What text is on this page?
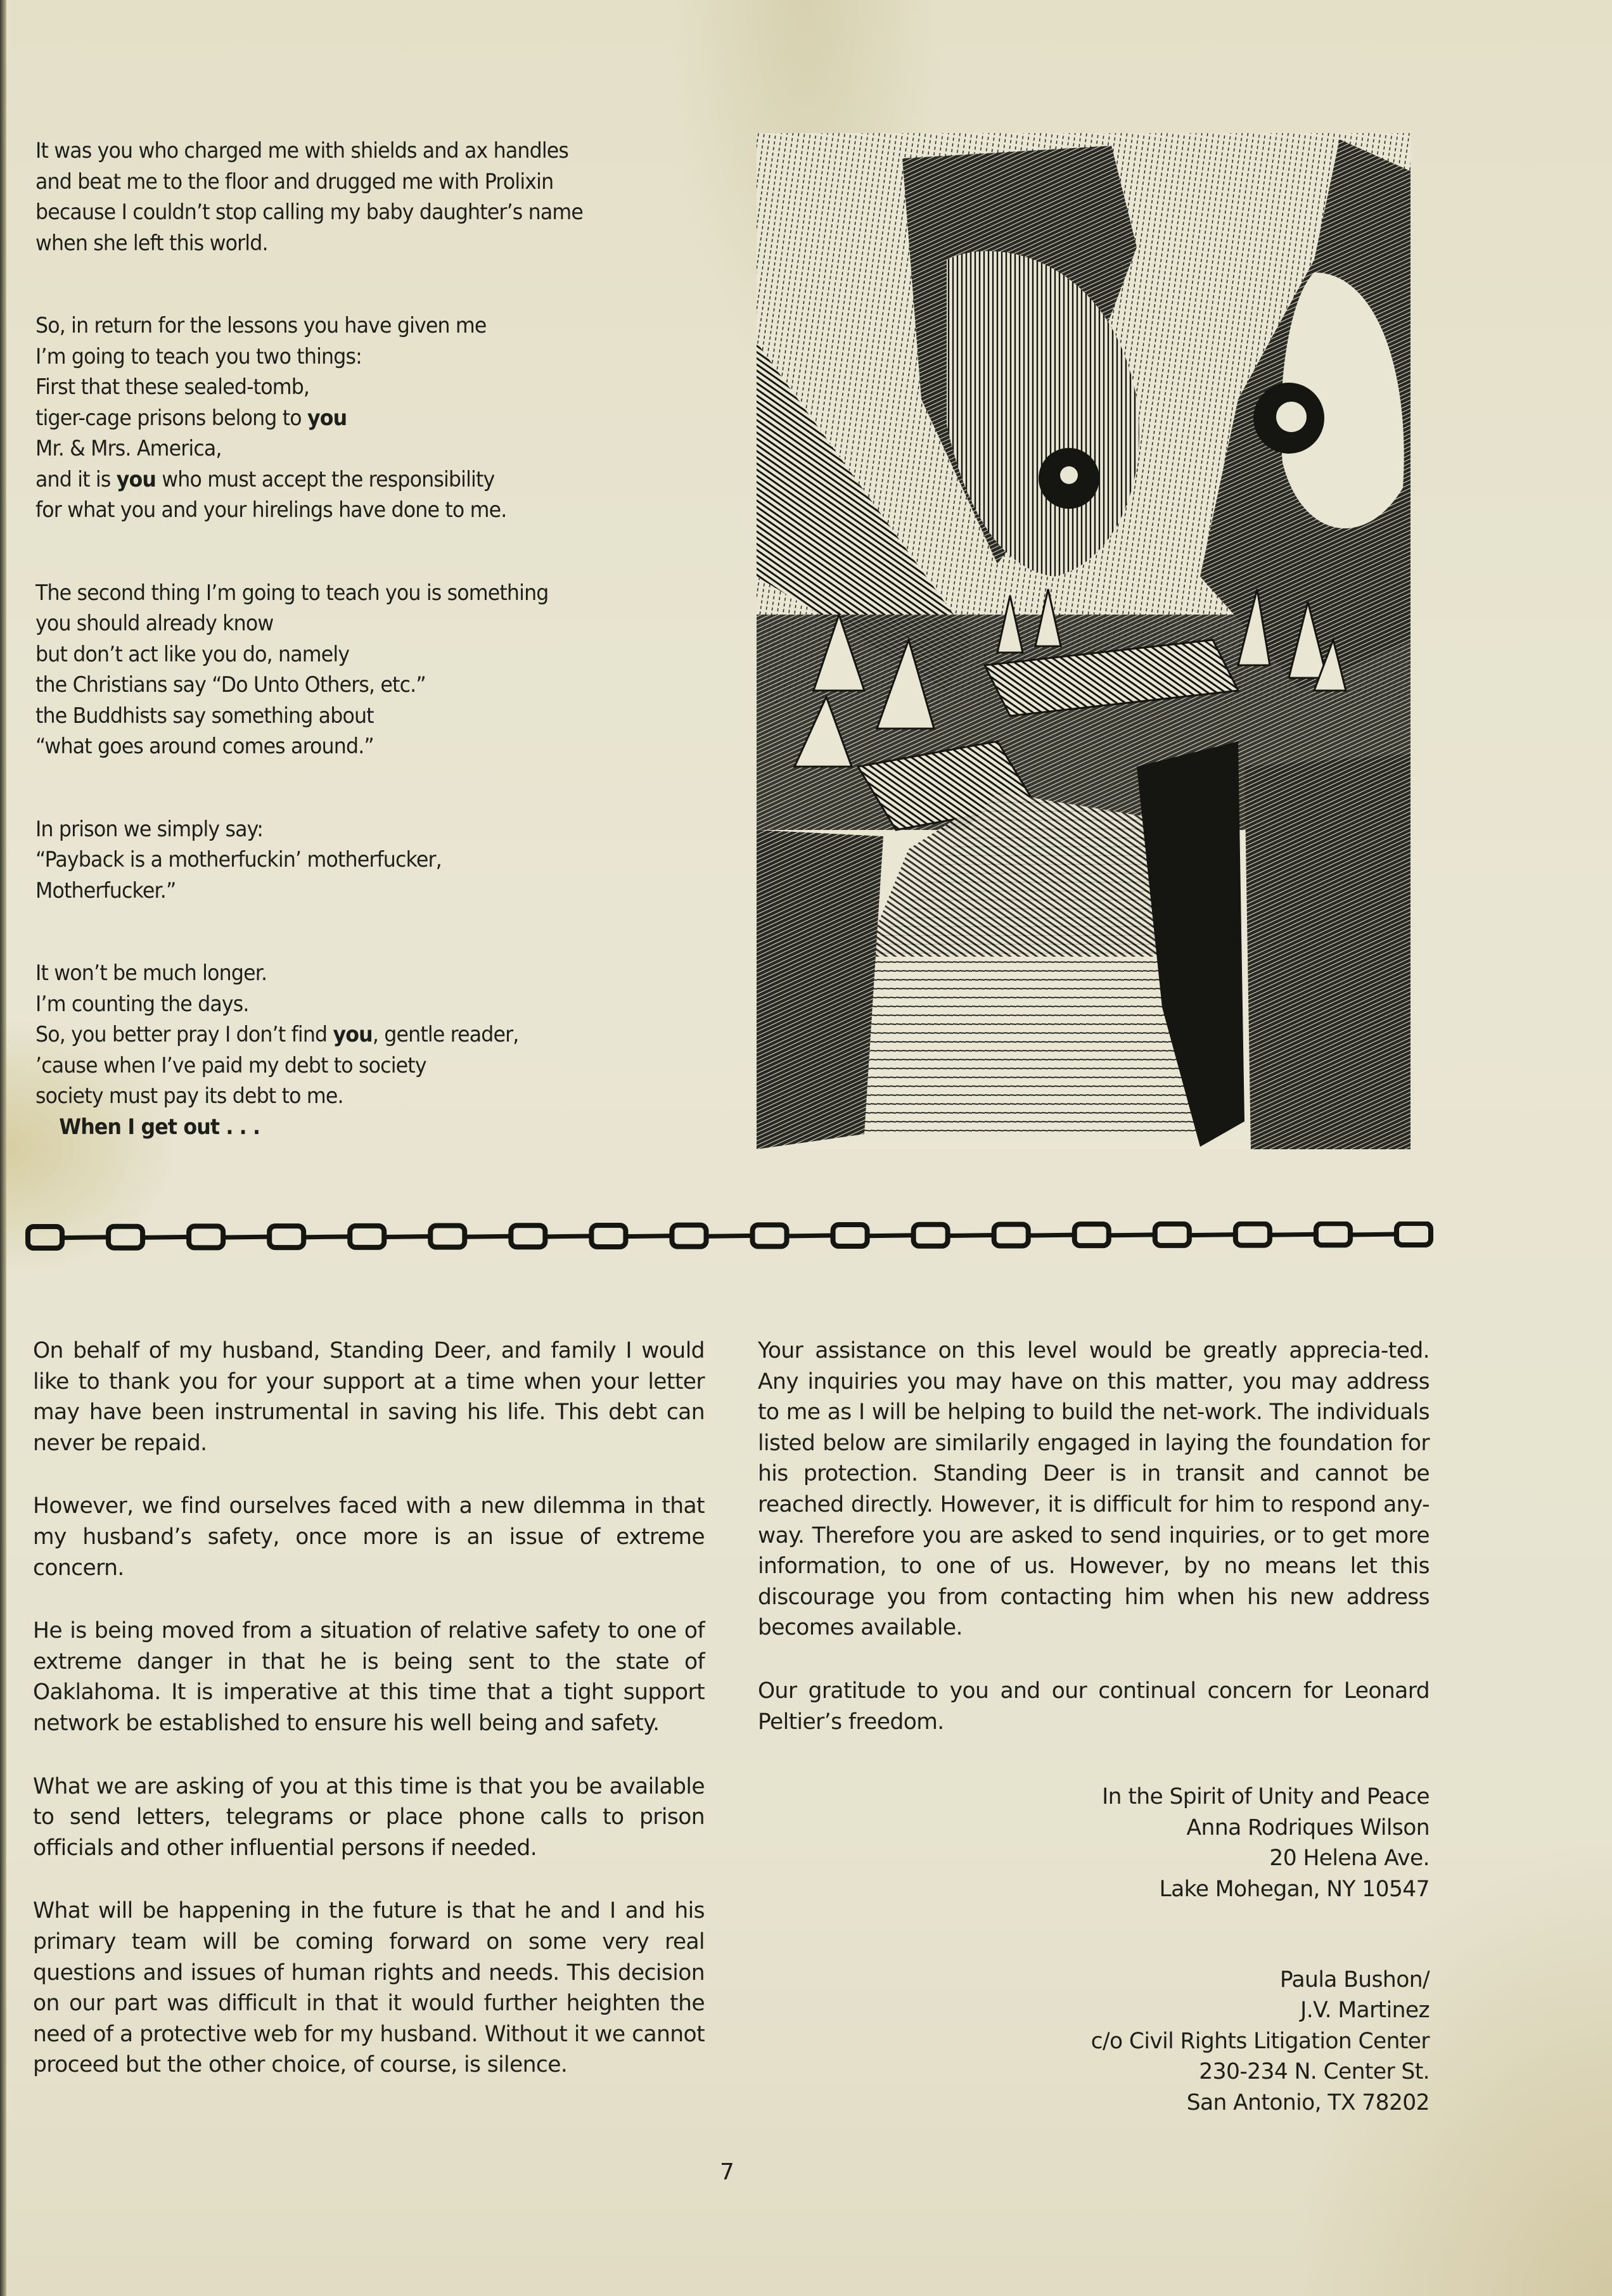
It was you who charged me with shields and ax handles
and beat me to the floor and drugged me with Prolixin
because I couldn’t stop calling my baby daughter’s name
when she left this world.
So, in return for the lessons you have given me
I’m going to teach you two things:
First that these sealed-tomb,
tiger-cage prisons belong to you
Mr. & Mrs. America,
and it is you who must accept the responsibility
for what you and your hirelings have done to me.
The second thing I’m going to teach you is something
you should already know
but don’t act like you do, namely
the Christians say “Do Unto Others, etc.”
the Buddhists say something about
“what goes around comes around.”
In prison we simply say:
“Payback is a motherfuckin’ motherfucker,
Motherfucker.”
It won’t be much longer.
I’m counting the days.
So, you better pray I don’t find you, gentle reader,
’cause when I’ve paid my debt to society
society must pay its debt to me.
When I get out . . .

On behalf of my husband, Standing Deer, and family I would like to thank you for your support at a time when your letter may have been instrumental in saving his life. This debt can never be repaid.

However, we find ourselves faced with a new dilemma in that my husband’s safety, once more is an issue of extreme concern.

He is being moved from a situation of relative safety to one of extreme danger in that he is being sent to the state of Oaklahoma. It is imperative at this time that a tight support network be established to ensure his well being and safety.

What we are asking of you at this time is that you be available to send letters, telegrams or place phone calls to prison officials and other influential persons if needed.

What will be happening in the future is that he and I and his primary team will be coming forward on some very real questions and issues of human rights and needs. This decision on our part was difficult in that it would further heighten the need of a protective web for my husband. Without it we cannot proceed but the other choice, of course, is silence.

Your assistance on this level would be greatly apprecia-ted. Any inquiries you may have on this matter, you may address to me as I will be helping to build the net-work. The individuals listed below are similarily engaged in laying the foundation for his protection. Standing Deer is in transit and cannot be reached directly. However, it is difficult for him to respond any-way. Therefore you are asked to send inquiries, or to get more information, to one of us. However, by no means let this discourage you from contacting him when his new address becomes available.

Our gratitude to you and our continual concern for Leonard Peltier’s freedom.

In the Spirit of Unity and Peace
Anna Rodriques Wilson
20 Helena Ave.
Lake Mohegan, NY 10547
Paula Bushon/
J.V. Martinez
c/o Civil Rights Litigation Center
230-234 N. Center St.
San Antonio, TX 78202
7
